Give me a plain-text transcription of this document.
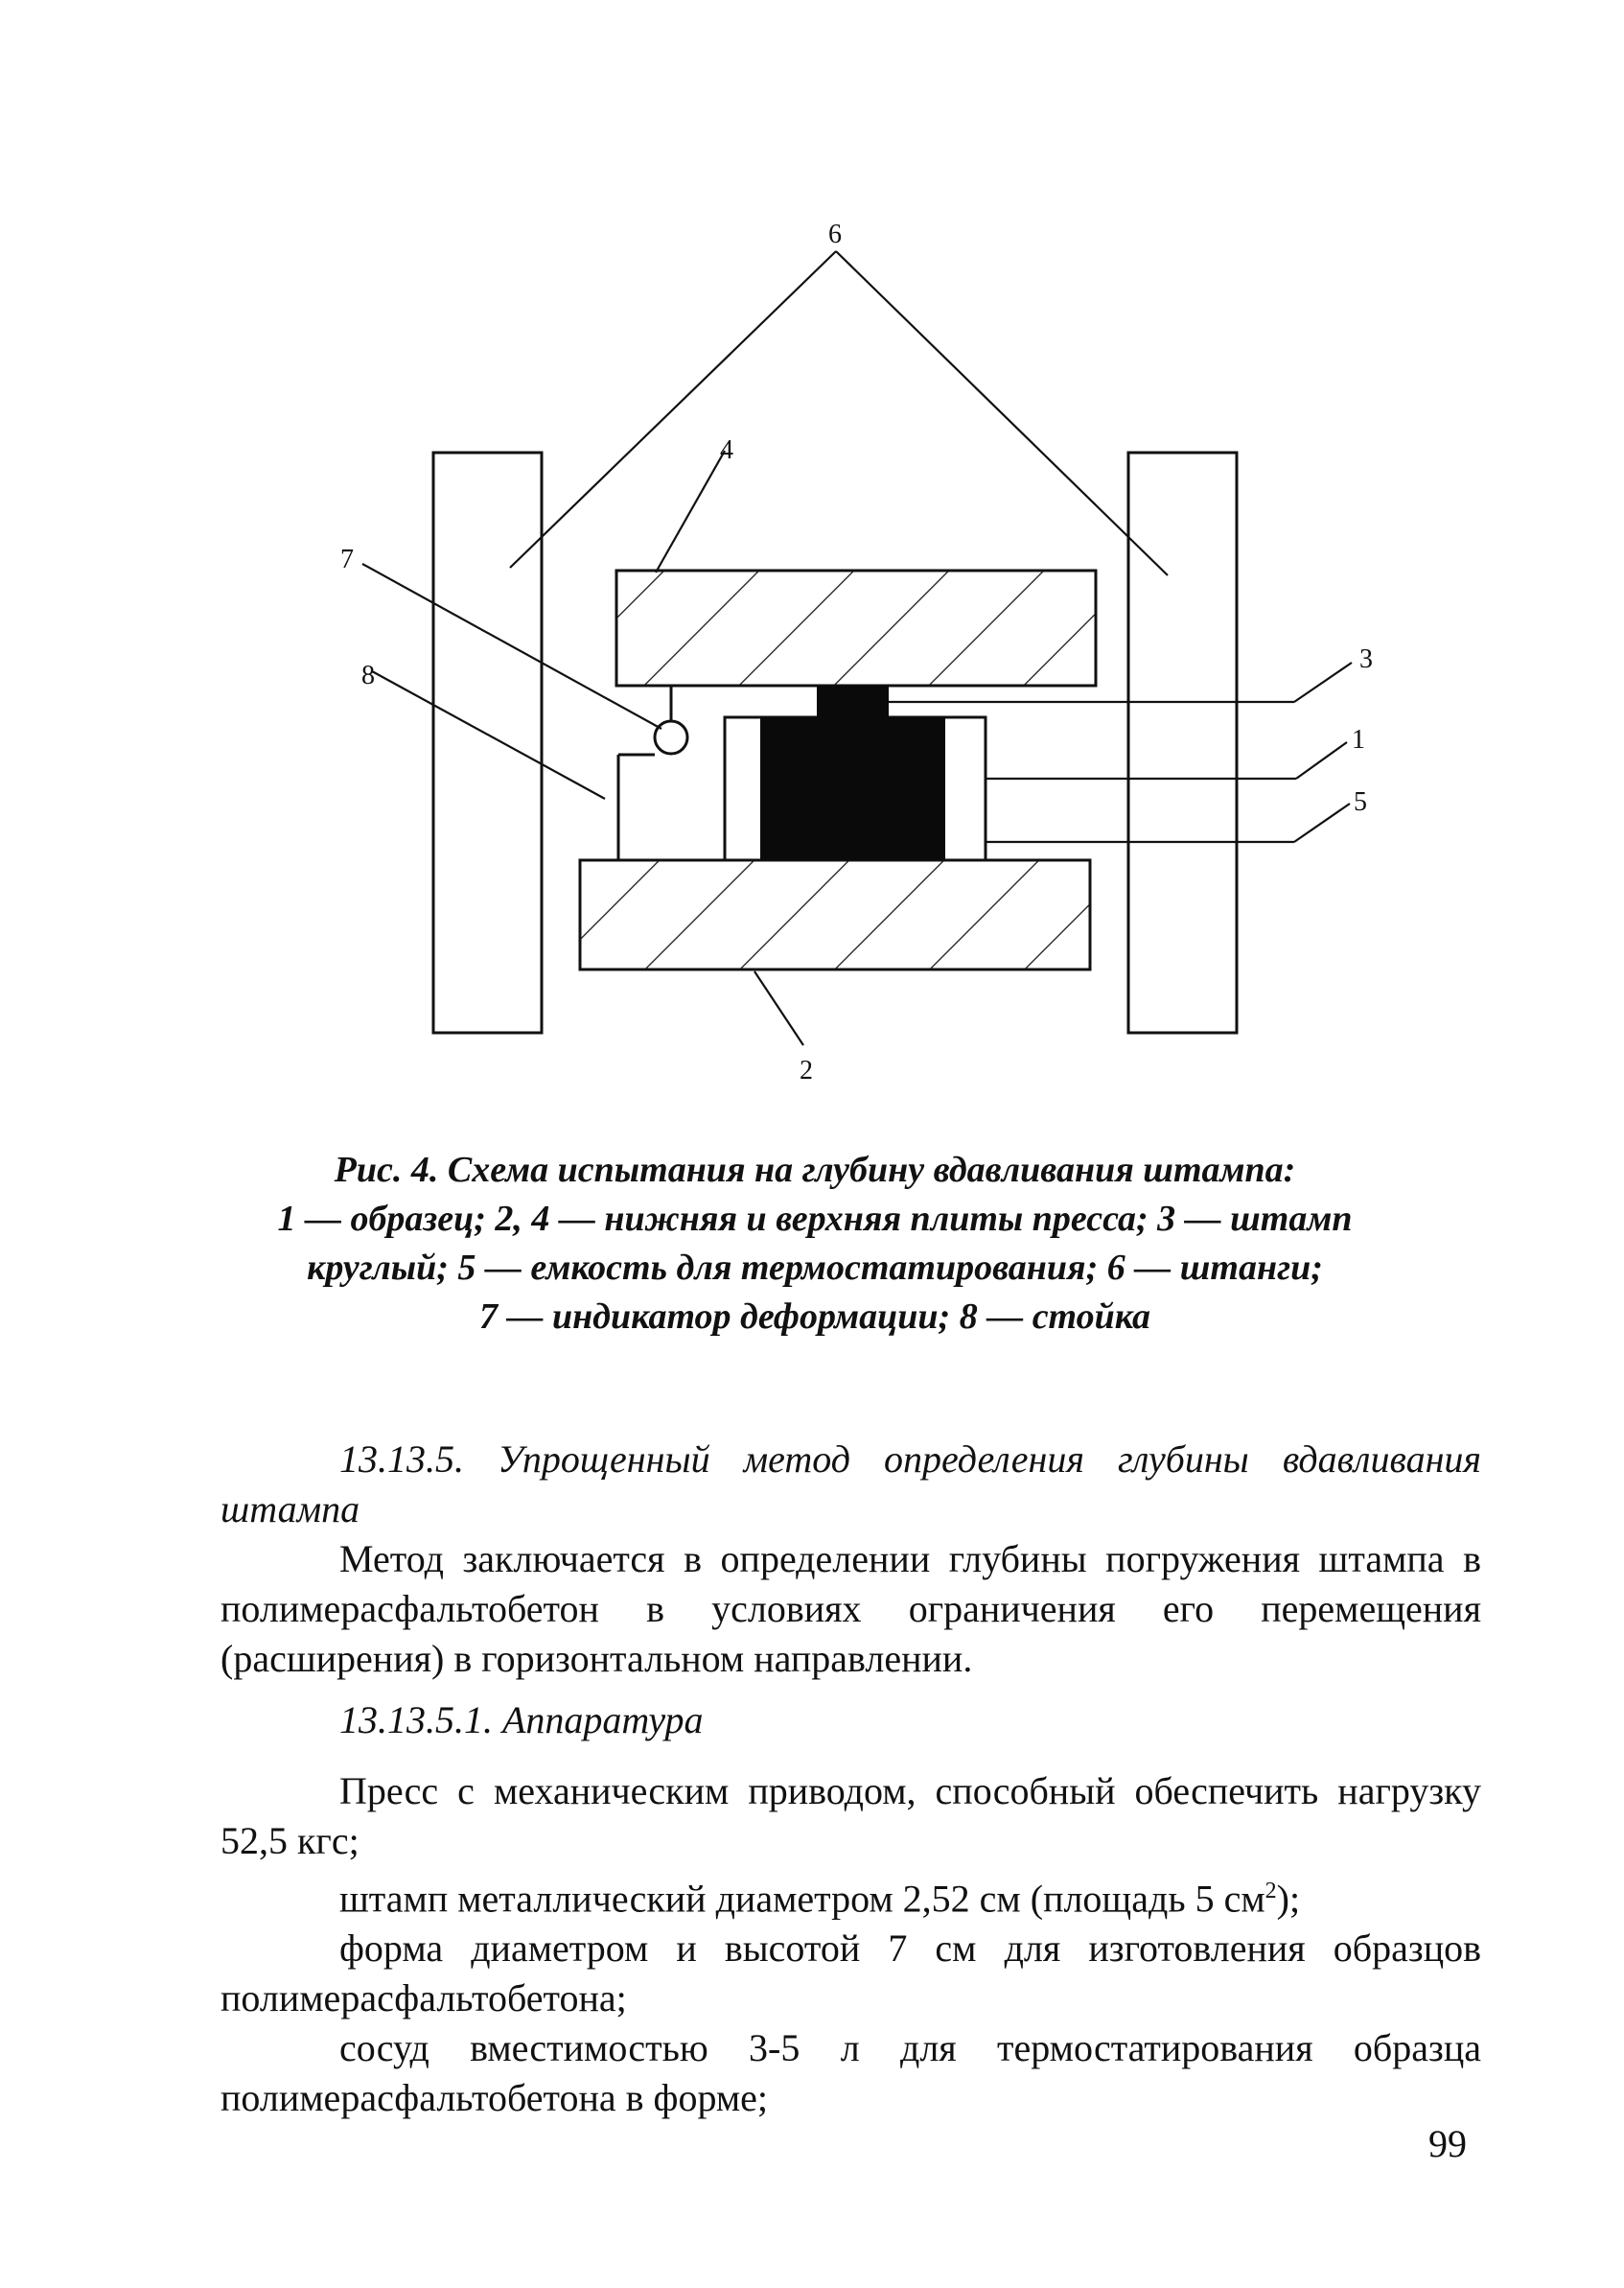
6
4
7
8
3
1
5
2
Рис. 4. Схема испытания на глубину вдавливания штампа:
1 — образец; 2, 4 — нижняя и верхняя плиты пресса; 3 — штамп
круглый; 5 — емкость для термостатирования; 6 — штанги;
7 — индикатор деформации; 8 — стойка

13.13.5. Упрощенный метод определения глубины вдавливания штампа

Метод заключается в определении глубины погружения штампа в полимерасфальтобетон в условиях ограничения его перемещения (расширения) в горизонтальном направлении.

13.13.5.1. Аппаратура

Пресс с механическим приводом, способный обеспечить нагрузку 52,5 кгс;

штамп металлический диаметром 2,52 см (площадь 5 $см^2$);

форма диаметром и высотой 7 см для изготовления образцов полимерасфальтобетона;

сосуд вместимостью 3-5 л для термостатирования образца полимерасфальтобетона в форме;

99
